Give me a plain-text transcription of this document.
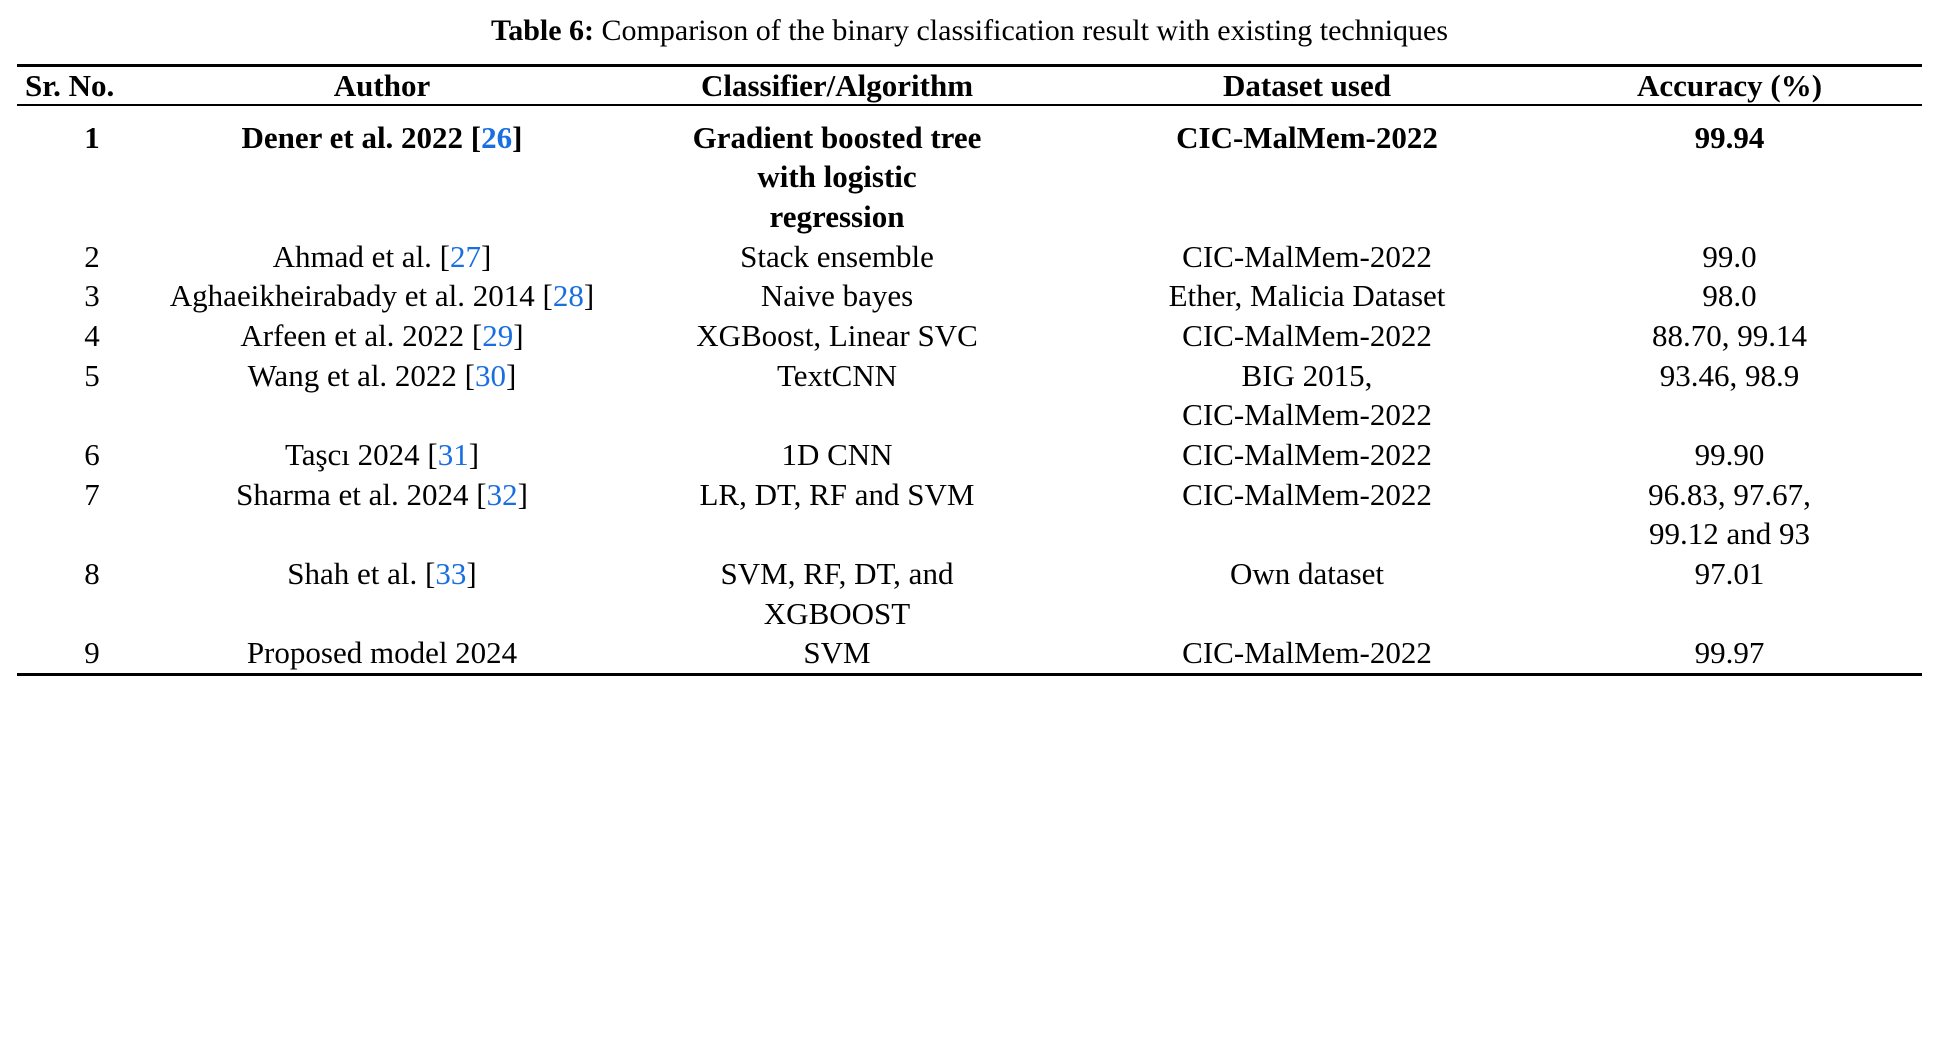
Table 6: Comparison of the binary classification result with existing techniques
Sr. No.	Author	Classifier/Algorithm	Dataset used	Accuracy (%)
1	Dener et al. 2022 [26]	Gradient boosted tree
with logistic
regression	CIC-MalMem-2022	99.94

2	Ahmad et al. [27]	Stack ensemble	CIC-MalMem-2022	99.0

3	Aghaeikheirabady et al. 2014 [28]	Naive bayes	Ether, Malicia Dataset	98.0

4	Arfeen et al. 2022 [29]	XGBoost, Linear SVC	CIC-MalMem-2022	88.70, 99.14

5	Wang et al. 2022 [30]	TextCNN	BIG 2015,
CIC-MalMem-2022	93.46, 98.9

6	Taşcı 2024 [31]	1D CNN	CIC-MalMem-2022	99.90

7	Sharma et al. 2024 [32]	LR, DT, RF and SVM	CIC-MalMem-2022	96.83, 97.67,
99.12 and 93

8	Shah et al. [33]	SVM, RF, DT, and
XGBOOST	Own dataset	97.01

9	Proposed model 2024	SVM	CIC-MalMem-2022	99.97
